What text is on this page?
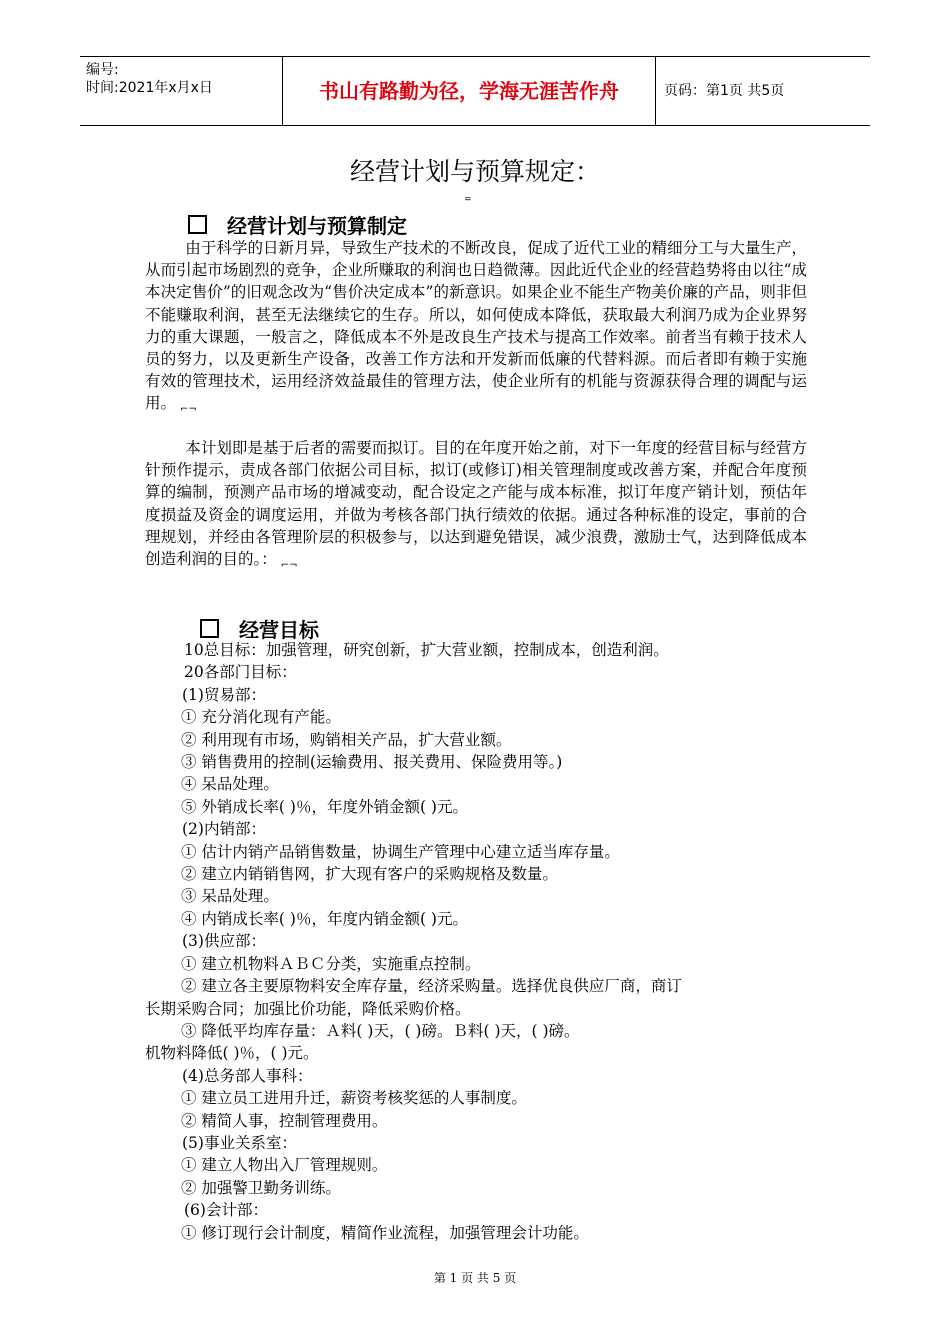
编号:
时间:2021年x月x日	书山有路勤为径，学海无涯苦作舟	页码：第1页 共5页
经营计划与预算规定：
=
经营计划与预算制定
由于科学的日新月异，导致生产技术的不断改良，促成了近代工业的精细分工与大量生产，从而引起市场剧烈的竞争，企业所赚取的利润也日趋微薄。因此近代企业的经营趋势将由以往“成本决定售价”的旧观念改为“售价决定成本”的新意识。如果企业不能生产物美价廉的产品，则非但不能赚取利润，甚至无法继续它的生存。所以，如何使成本降低，获取最大利润乃成为企业界努力的重大课题，一般言之，降低成本不外是改良生产技术与提高工作效率。前者当有赖于技术人员的努力，以及更新生产设备，改善工作方法和开发新而低廉的代替料源。而后者即有赖于实施有效的管理技术，运用经济效益最佳的管理方法，使企业所有的机能与资源获得合理的调配与运用。 $_{⌐\neg}$
本计划即是基于后者的需要而拟订。目的在年度开始之前，对下一年度的经营目标与经营方针预作提示，责成各部门依据公司目标，拟订(或修订)相关管理制度或改善方案，并配合年度预算的编制，预测产品市场的增减变动，配合设定之产能与成本标准，拟订年度产销计划，预估年度损益及资金的调度运用，并做为考核各部门执行绩效的依据。通过各种标准的设定，事前的合理规划，并经由各管理阶层的积极参与，以达到避免错误，减少浪费，激励士气，达到降低成本创造利润的目的。： $_{⌐\neg}$
经营目标
10总目标：加强管理，研究创新，扩大营业额，控制成本，创造利润。
20各部门目标：
(1)贸易部：
① 充分消化现有产能。
② 利用现有市场，购销相关产品，扩大营业额。
③ 销售费用的控制(运输费用、报关费用、保险费用等。)
④ 呆品处理。
⑤ 外销成长率( )％，年度外销金额( )元。
(2)内销部：
① 估计内销产品销售数量，协调生产管理中心建立适当库存量。
② 建立内销销售网，扩大现有客户的采购规格及数量。
③ 呆品处理。
④ 内销成长率( )％，年度内销金额( )元。
(3)供应部：
① 建立机物料ＡＢＣ分类，实施重点控制。
② 建立各主要原物料安全库存量，经济采购量。选择优良供应厂商，商订
长期采购合同；加强比价功能，降低采购价格。
③ 降低平均库存量：Ａ料( )天，( )磅。Ｂ料( )天，( )磅。
机物料降低( )％，( )元。
(4)总务部人事科：
① 建立员工进用升迁，薪资考核奖惩的人事制度。
② 精简人事，控制管理费用。
(5)事业关系室：
① 建立人物出入厂管理规则。
② 加强警卫勤务训练。
(6)会计部：
① 修订现行会计制度，精简作业流程，加强管理会计功能。
第 1 页 共 5 页
